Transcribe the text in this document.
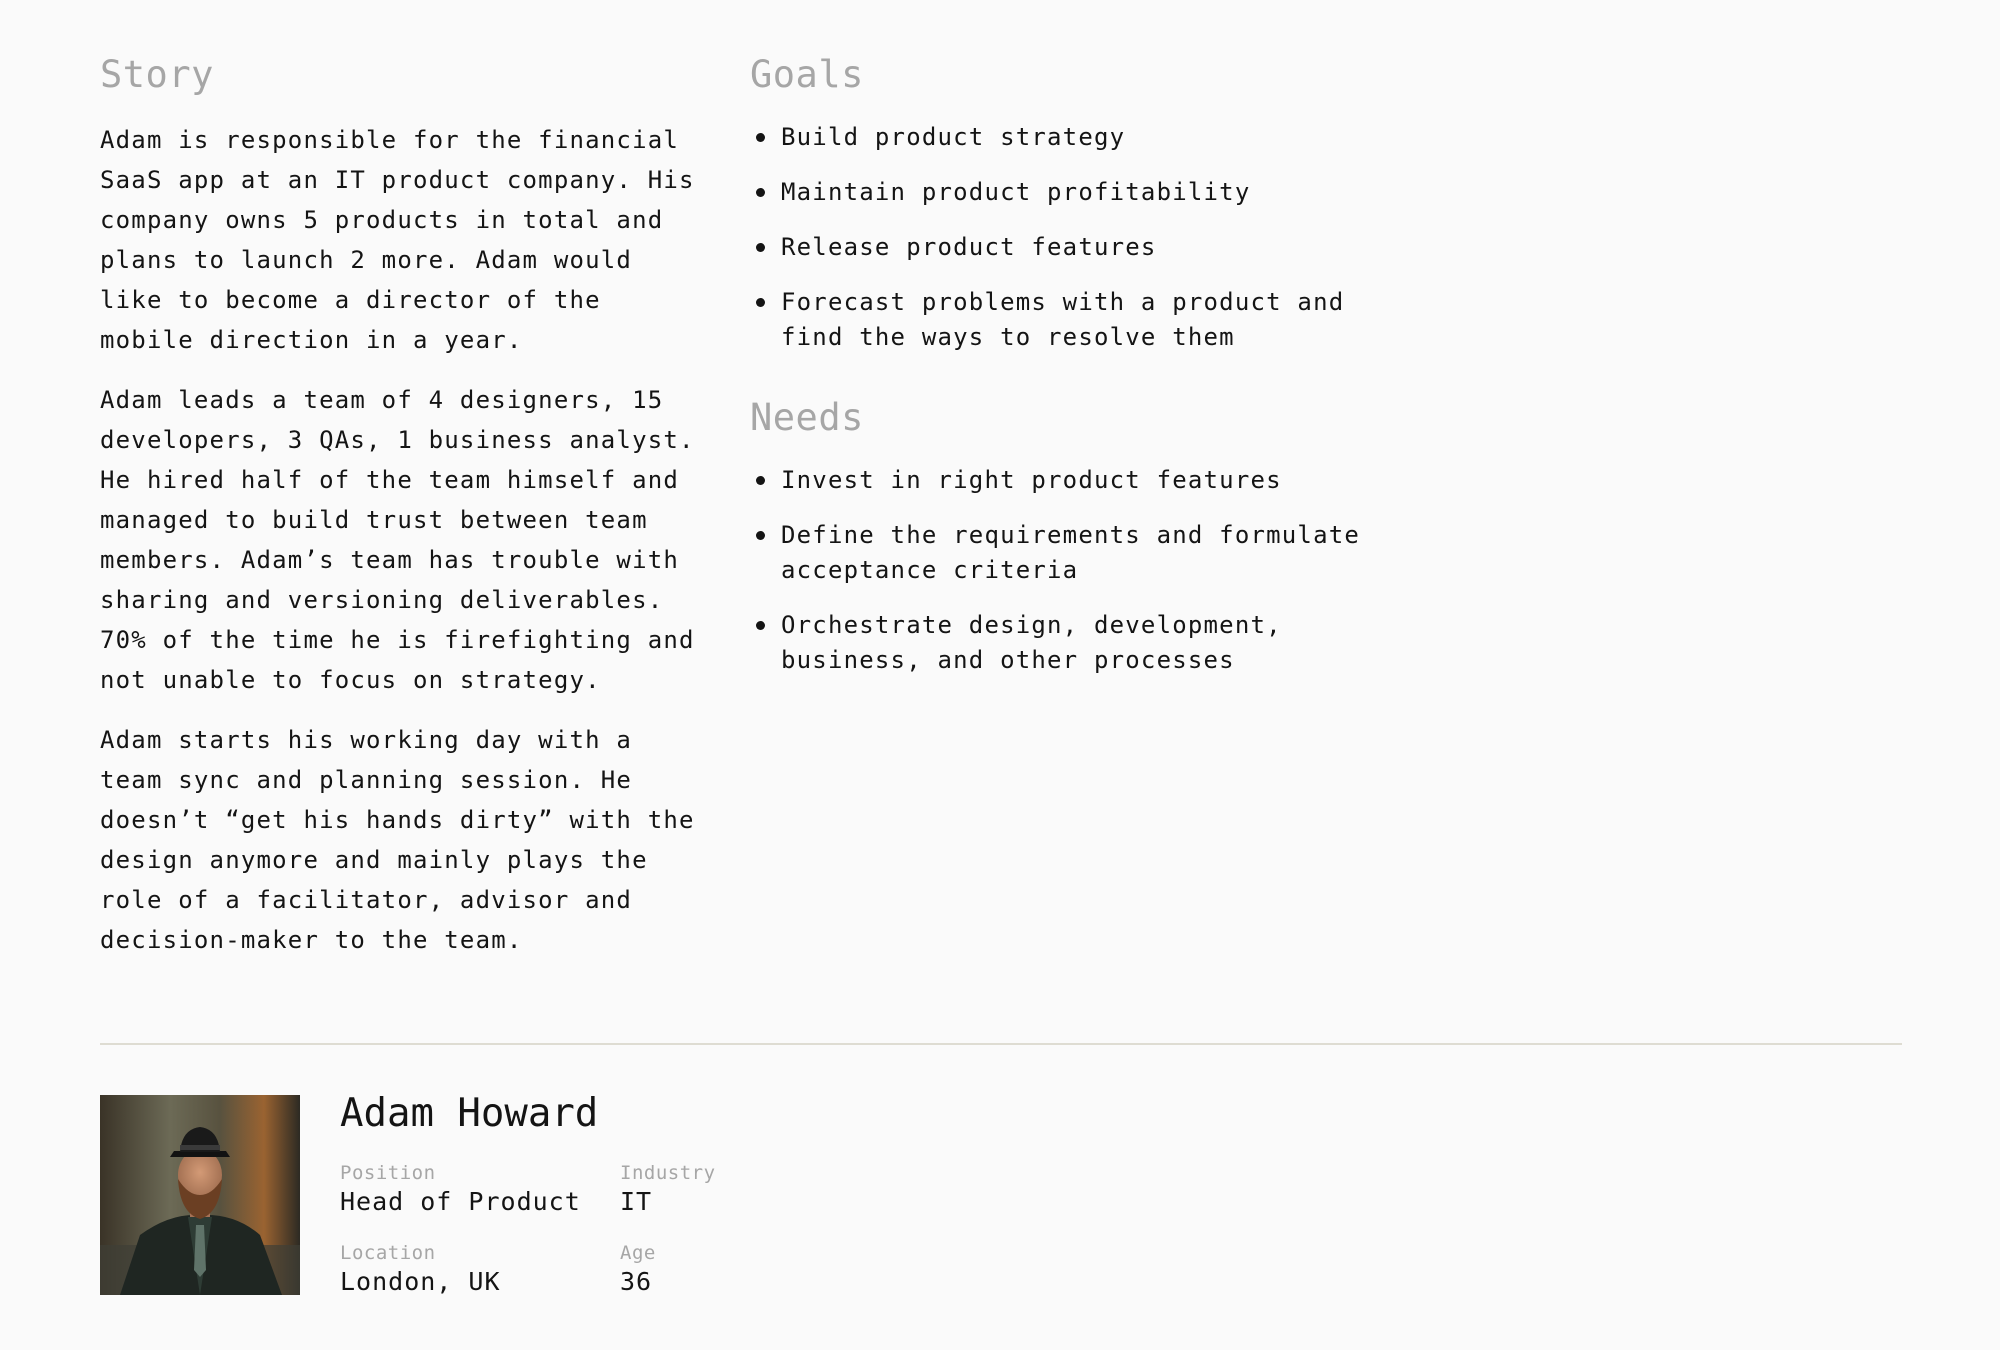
Story

Adam is responsible for the financial SaaS app at an IT product company. His company owns 5 products in total and plans to launch 2 more. Adam would like to become a director of the mobile direction in a year.

Adam leads a team of 4 designers, 15 developers, 3 QAs, 1 business analyst. He hired half of the team himself and managed to build trust between team members. Adam’s team has trouble with sharing and versioning deliverables. 70% of the time he is firefighting and not unable to focus on strategy.

Adam starts his working day with a team sync and planning session. He doesn’t “get his hands dirty” with the design anymore and mainly plays the role of a facilitator, advisor and decision-maker to the team.

Goals
Build product strategy
Maintain product profitability
Release product features
Forecast problems with a product and find the ways to resolve them
Needs
Invest in right product features
Define the requirements and formulate acceptance criteria
Orchestrate design, development, business, and other processes
Adam Howard
Position
Head of Product
Industry
IT
Location
London, UK
Age
36
